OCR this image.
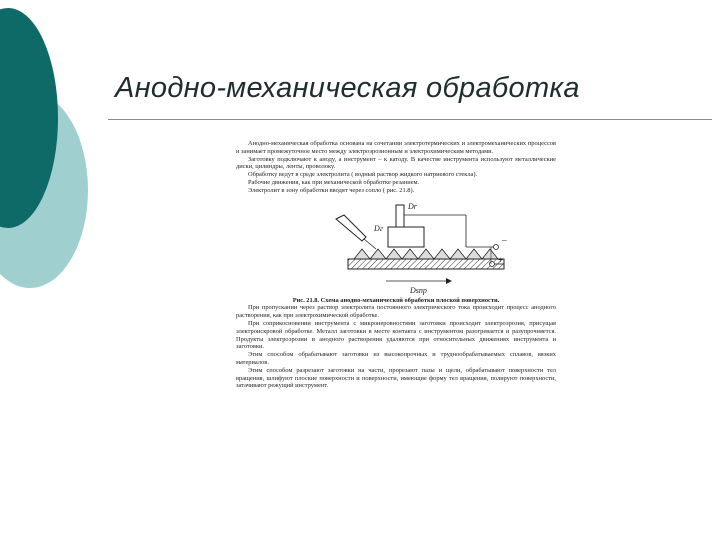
Анодно-механическая обработка

Анодно-механическая обработка основана на сочетании электротермических и электромеханических процессов и занимает промежуточное место между электроэрозионным и электрохимическим методами.

Заготовку подключают к аноду, а инструмент – к катоду. В качестве инструмента используют металлические диски, цилиндры, ленты, проволоку.

Обработку ведут в среде электролита ( водный раствор жидкого натриевого стекла).

Рабочие движения, как при механической обработке резанием.

Электролит в зону обработки вводят через сопло ( рис. 21.8).

Dг
Dr
–
+
Dsпр

Рис. 21.8. Схема анодно-механической обработки плоской поверхности.

При пропускании через раствор электролита постоянного электрического тока происходит процесс анодного растворения, как при электрохимической обработке.

При соприкосновении инструмента с микронеровностями заготовки происходит электроэрозия, присущая электроискровой обработке. Металл заготовки в месте контакта с инструментом разогревается и разупрочняется. Продукты электроэрозии и анодного растворения удаляются при относительных движениях инструмента и заготовки.

Этим способом обрабатывают заготовки из высокопрочных и труднообрабатываемых сплавов, вязких материалов.

Этим способом разрезают заготовки на части, прорезают пазы и щели, обрабатывают поверхности тел вращения, шлифуют плоские поверхности и поверхности, имеющие форму тел вращения, полируют поверхности, затачивают режущий инструмент.
